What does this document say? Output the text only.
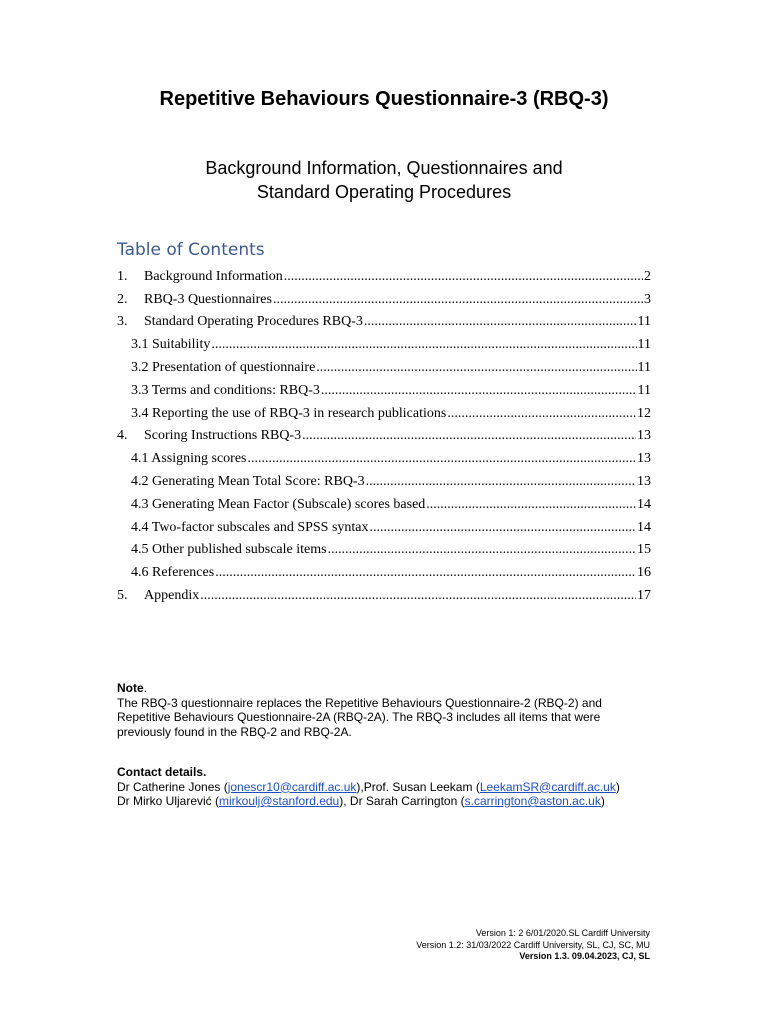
Repetitive Behaviours Questionnaire-3 (RBQ-3)
Background Information, Questionnaires and
Standard Operating Procedures
Table of Contents
1.	Background Information .....	2
2.	RBQ-3 Questionnaires .....	3
3.	Standard Operating Procedures RBQ-3 .....	11
3.1 Suitability .....	11
3.2 Presentation of questionnaire .....	11
3.3 Terms and conditions: RBQ-3 .....	11
3.4 Reporting the use of RBQ-3 in research publications .....	12
4.	Scoring Instructions RBQ-3 .....	13
4.1 Assigning scores .....	13
4.2 Generating Mean Total Score: RBQ-3 .....	13
4.3 Generating Mean Factor (Subscale) scores based .....	14
4.4 Two-factor subscales and SPSS syntax .....	14
4.5 Other published subscale items .....	15
4.6 References .....	16
5.	Appendix .....	17
Note.
The RBQ-3 questionnaire replaces the Repetitive Behaviours Questionnaire-2 (RBQ-2) and Repetitive Behaviours Questionnaire-2A (RBQ-2A). The RBQ-3 includes all items that were previously found in the RBQ-2 and RBQ-2A.
Contact details.
Dr Catherine Jones (jonescr10@cardiff.ac.uk),Prof. Susan Leekam (LeekamSR@cardiff.ac.uk)
Dr Mirko Uljarević (mirkoulj@stanford.edu), Dr Sarah Carrington (s.carrington@aston.ac.uk)
Version 1: 2 6/01/2020.SL Cardiff University
Version 1.2: 31/03/2022 Cardiff University, SL, CJ, SC, MU
Version 1.3. 09.04.2023, CJ, SL
